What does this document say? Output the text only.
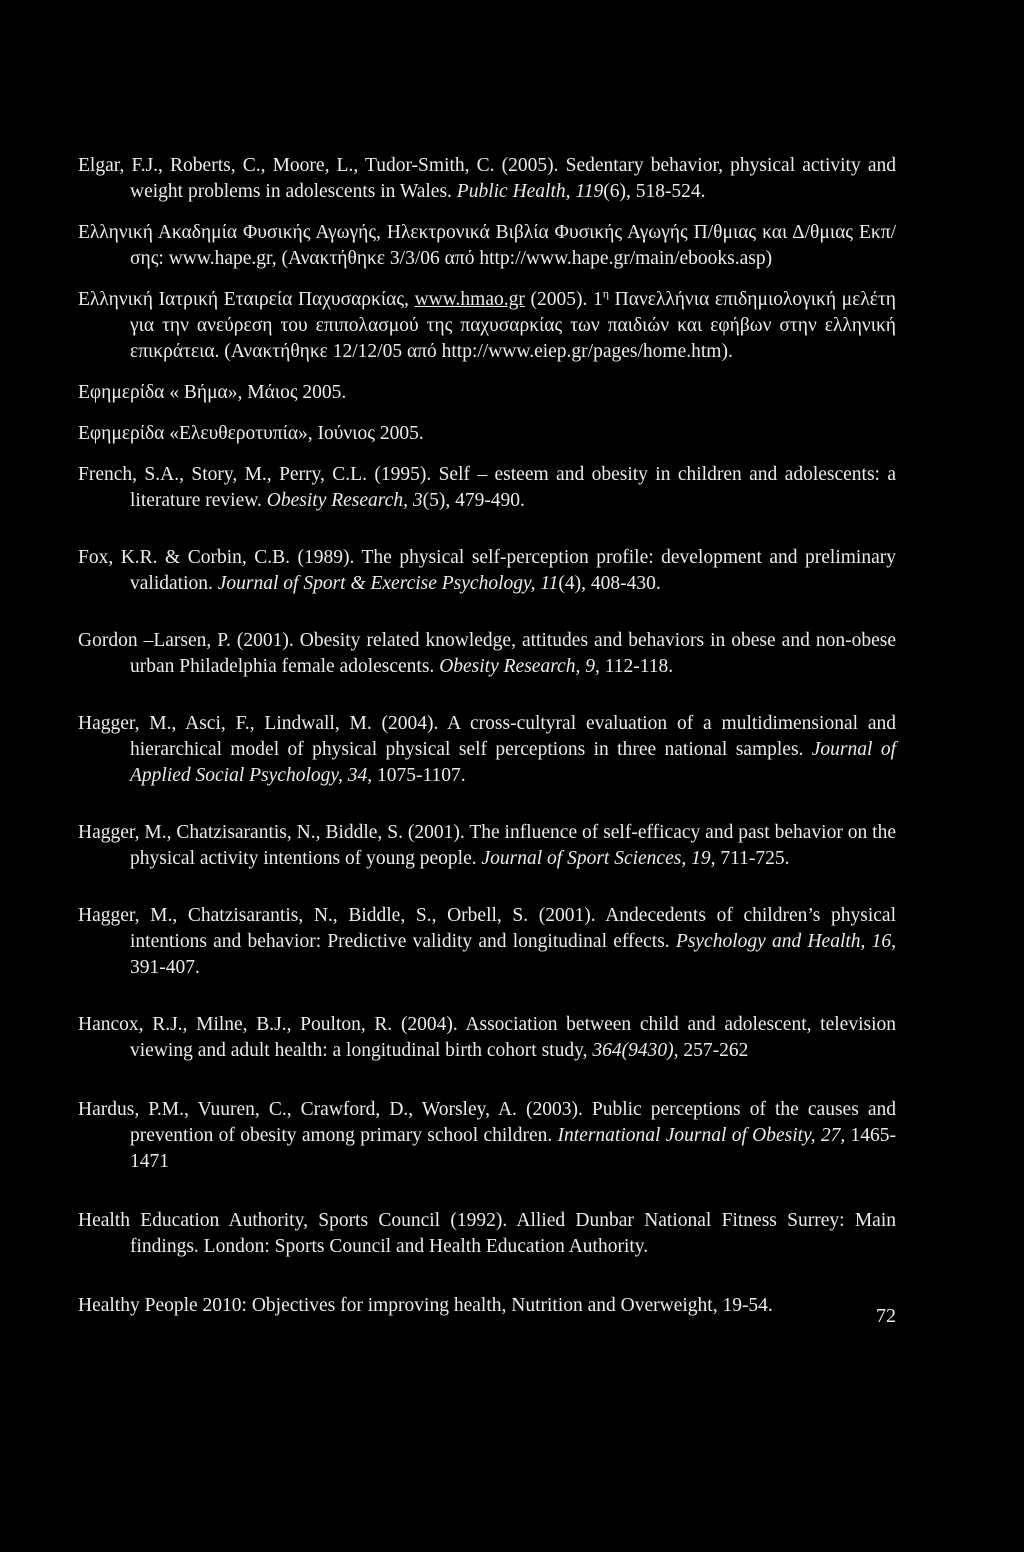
Elgar, F.J., Roberts, C., Moore, L., Tudor-Smith, C. (2005). Sedentary behavior, physical activity and weight problems in adolescents in Wales. Public Health, 119(6), 518-524.

Ελληνική Ακαδημία Φυσικής Αγωγής, Ηλεκτρονικά Βιβλία Φυσικής Αγωγής Π/θμιας και Δ/θμιας Εκπ/σης: www.hape.gr, (Ανακτήθηκε 3/3/06 από http://www.hape.gr/main/ebooks.asp)

Ελληνική Ιατρική Εταιρεία Παχυσαρκίας, www.hmao.gr (2005). $1^\eta$ Πανελλήνια επιδημιολογική μελέτη για την ανεύρεση του επιπολασμού της παχυσαρκίας των παιδιών και εφήβων στην ελληνική επικράτεια. (Ανακτήθηκε 12/12/05 από http://www.eiep.gr/pages/home.htm).

Εφημερίδα « Βήμα», Μάιος 2005.

Εφημερίδα «Ελευθεροτυπία», Ιούνιος 2005.

French, S.A., Story, M., Perry, C.L. (1995). Self – esteem and obesity in children and adolescents: a literature review. Obesity Research, 3(5), 479-490.

Fox, K.R. & Corbin, C.B. (1989). The physical self-perception profile: development and preliminary validation. Journal of Sport & Exercise Psychology, 11(4), 408-430.

Gordon –Larsen, P. (2001). Obesity related knowledge, attitudes and behaviors in obese and non-obese urban Philadelphia female adolescents. Obesity Research, 9, 112-118.

Hagger, M., Asci, F., Lindwall, M. (2004). A cross-cultyral evaluation of a multidimensional and hierarchical model of physical physical self perceptions in three national samples. Journal of Applied Social Psychology, 34, 1075-1107.

Hagger, M., Chatzisarantis, N., Biddle, S. (2001). The influence of self-efficacy and past behavior on the physical activity intentions of young people. Journal of Sport Sciences, 19, 711-725.

Hagger, M., Chatzisarantis, N., Biddle, S., Orbell, S. (2001). Andecedents of children’s physical intentions and behavior: Predictive validity and longitudinal effects. Psychology and Health, 16, 391-407.

Hancox, R.J., Milne, B.J., Poulton, R. (2004). Association between child and adolescent, television viewing and adult health: a longitudinal birth cohort study, 364(9430), 257-262

Hardus, P.M., Vuuren, C., Crawford, D., Worsley, A. (2003). Public perceptions of the causes and prevention of obesity among primary school children. International Journal of Obesity, 27, 1465-1471

Health Education Authority, Sports Council (1992). Allied Dunbar National Fitness Surrey: Main findings. London: Sports Council and Health Education Authority.

Healthy People 2010: Objectives for improving health, Nutrition and Overweight, 19-54.	72
